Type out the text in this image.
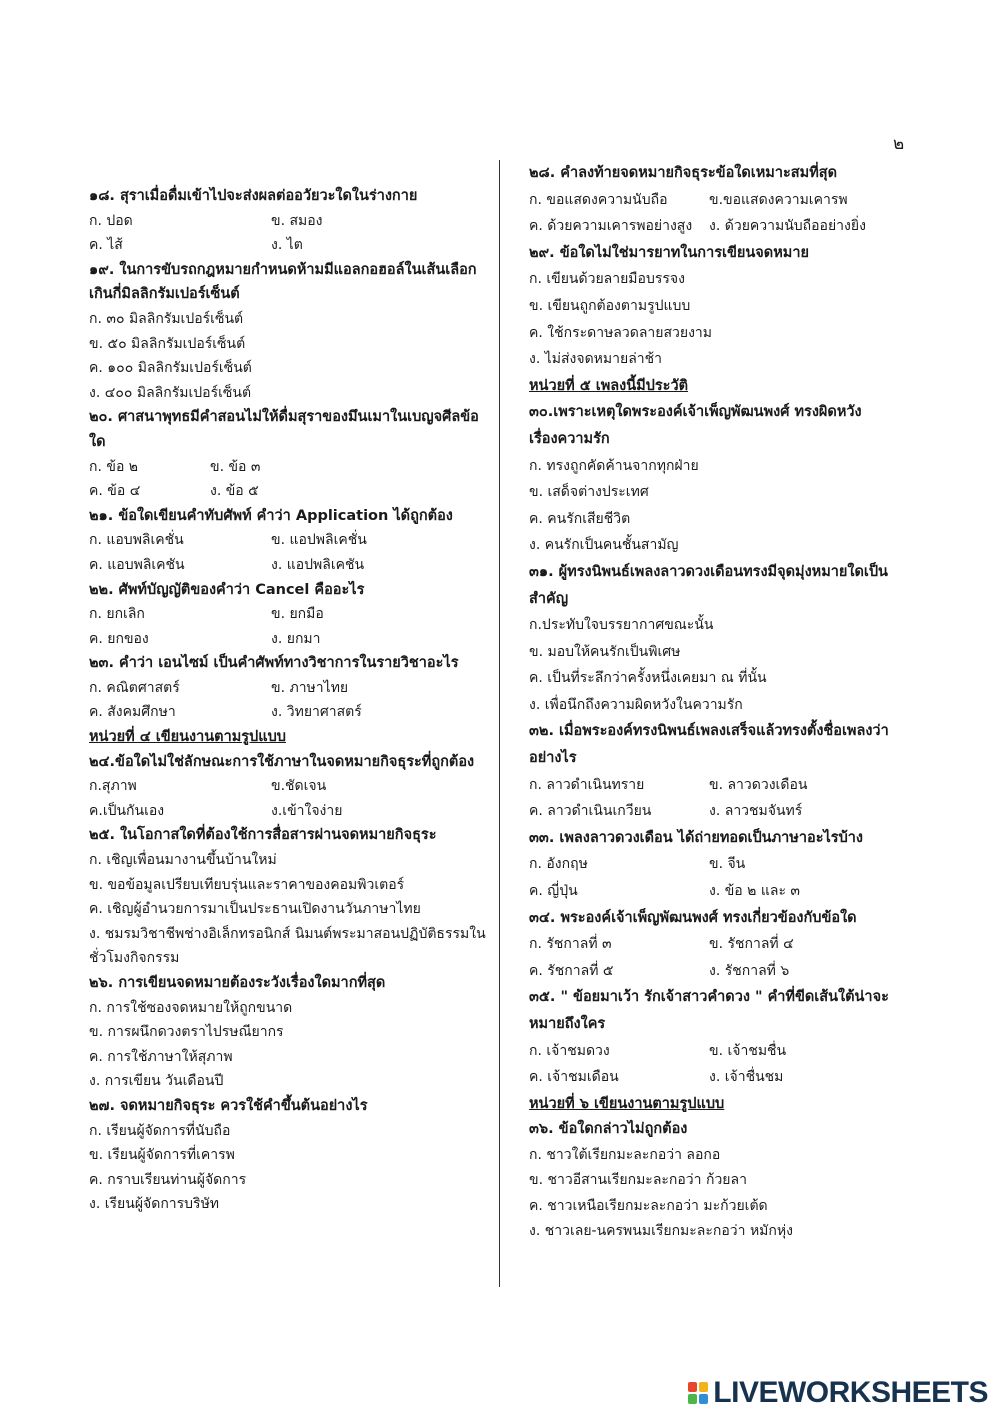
๒
๑๘. สุราเมื่อดื่มเข้าไปจะส่งผลต่ออวัยวะใดในร่างกาย
ก. ปอด	ข. สมอง
ค. ไส้	ง. ไต
๑๙. ในการขับรถกฎหมายกำหนดห้ามมีแอลกอฮอล์ในเส้นเลือก
เกินกี่มิลลิกรัมเปอร์เซ็นต์
ก. ๓๐ มิลลิกรัมเปอร์เซ็นต์
ข. ๕๐ มิลลิกรัมเปอร์เซ็นต์
ค. ๑๐๐ มิลลิกรัมเปอร์เซ็นต์
ง. ๔๐๐ มิลลิกรัมเปอร์เซ็นต์
๒๐. ศาสนาพุทธมีคำสอนไม่ให้ดื่มสุราของมึนเมาในเบญจศีลข้อ
ใด
ก. ข้อ ๒	ข. ข้อ ๓
ค. ข้อ ๔	ง. ข้อ ๕
๒๑. ข้อใดเขียนคำทับศัพท์ คำว่า Application ได้ถูกต้อง
ก. แอบพลิเคชั่น	ข. แอปพลิเคชั่น
ค. แอบพลิเคชัน	ง. แอปพลิเคชัน
๒๒. ศัพท์บัญญัติของคำว่า Cancel คืออะไร
ก. ยกเลิก	ข. ยกมือ
ค. ยกของ	ง. ยกมา
๒๓. คำว่า เอนไซม์ เป็นคำศัพท์ทางวิชาการในรายวิชาอะไร
ก. คณิตศาสตร์	ข. ภาษาไทย
ค. สังคมศึกษา	ง. วิทยาศาสตร์
หน่วยที่ ๔ เขียนงานตามรูปแบบ
๒๔.ข้อใดไม่ใช่ลักษณะการใช้ภาษาในจดหมายกิจธุระที่ถูกต้อง
ก.สุภาพ	ข.ชัดเจน
ค.เป็นกันเอง	ง.เข้าใจง่าย
๒๕. ในโอกาสใดที่ต้องใช้การสื่อสารผ่านจดหมายกิจธุระ
ก. เชิญเพื่อนมางานขึ้นบ้านใหม่
ข. ขอข้อมูลเปรียบเทียบรุ่นและราคาของคอมพิวเตอร์
ค. เชิญผู้อำนวยการมาเป็นประธานเปิดงานวันภาษาไทย
ง. ชมรมวิชาชีพช่างอิเล็กทรอนิกส์ นิมนต์พระมาสอนปฏิบัติธรรมใน
ชั่วโมงกิจกรรม
๒๖. การเขียนจดหมายต้องระวังเรื่องใดมากที่สุด
ก. การใช้ซองจดหมายให้ถูกขนาด
ข. การผนึกดวงตราไปรษณียากร
ค. การใช้ภาษาให้สุภาพ
ง. การเขียน วันเดือนปี
๒๗. จดหมายกิจธุระ ควรใช้คำขึ้นต้นอย่างไร
ก. เรียนผู้จัดการที่นับถือ
ข. เรียนผู้จัดการที่เคารพ
ค. กราบเรียนท่านผู้จัดการ
ง. เรียนผู้จัดการบริษัท
๒๘. คำลงท้ายจดหมายกิจธุระข้อใดเหมาะสมที่สุด
ก. ขอแสดงความนับถือ	ข.ขอแสดงความเคารพ
ค. ด้วยความเคารพอย่างสูง	ง. ด้วยความนับถืออย่างยิ่ง
๒๙. ข้อใดไม่ใช่มารยาทในการเขียนจดหมาย
ก. เขียนด้วยลายมือบรรจง
ข. เขียนถูกต้องตามรูปแบบ
ค. ใช้กระดาษลวดลายสวยงาม
ง. ไม่ส่งจดหมายล่าช้า
หน่วยที่ ๕ เพลงนี้มีประวัติ
๓๐.เพราะเหตุใดพระองค์เจ้าเพ็ญพัฒนพงศ์ ทรงผิดหวัง
เรื่องความรัก
ก. ทรงถูกคัดค้านจากทุกฝ่าย
ข. เสด็จต่างประเทศ
ค. คนรักเสียชีวิต
ง. คนรักเป็นคนชั้นสามัญ
๓๑. ผู้ทรงนิพนธ์เพลงลาวดวงเดือนทรงมีจุดมุ่งหมายใดเป็น
สำคัญ
ก.ประทับใจบรรยากาศขณะนั้น
ข. มอบให้คนรักเป็นพิเศษ
ค. เป็นที่ระลึกว่าครั้งหนึ่งเคยมา ณ ที่นั้น
ง. เพื่อนึกถึงความผิดหวังในความรัก
๓๒. เมื่อพระองค์ทรงนิพนธ์เพลงเสร็จแล้วทรงตั้งชื่อเพลงว่า
อย่างไร
ก. ลาวดำเนินทราย	ข. ลาวดวงเดือน
ค. ลาวดำเนินเกวียน	ง. ลาวชมจันทร์
๓๓. เพลงลาวดวงเดือน ได้ถ่ายทอดเป็นภาษาอะไรบ้าง
ก. อังกฤษ	ข. จีน
ค. ญี่ปุ่น	ง. ข้อ ๒ และ ๓
๓๔. พระองค์เจ้าเพ็ญพัฒนพงศ์ ทรงเกี่ยวข้องกับข้อใด
ก. รัชกาลที่ ๓	ข. รัชกาลที่ ๔
ค. รัชกาลที่ ๕	ง. รัชกาลที่ ๖
๓๕. " ข้อยมาเว้า รักเจ้าสาวคำดวง " คำที่ขีดเส้นใต้น่าจะ
หมายถึงใคร
ก. เจ้าชมดวง	ข. เจ้าชมชื่น
ค. เจ้าชมเดือน	ง. เจ้าชื่นชม
หน่วยที่ ๖ เขียนงานตามรูปแบบ
๓๖. ข้อใดกล่าวไม่ถูกต้อง
ก. ชาวใต้เรียกมะละกอว่า ลอกอ
ข. ชาวอีสานเรียกมะละกอว่า ก้วยลา
ค. ชาวเหนือเรียกมะละกอว่า มะก้วยเต้ด
ง. ชาวเลย-นครพนมเรียกมะละกอว่า หมักหุ่ง
LIVEWORKSHEETS
